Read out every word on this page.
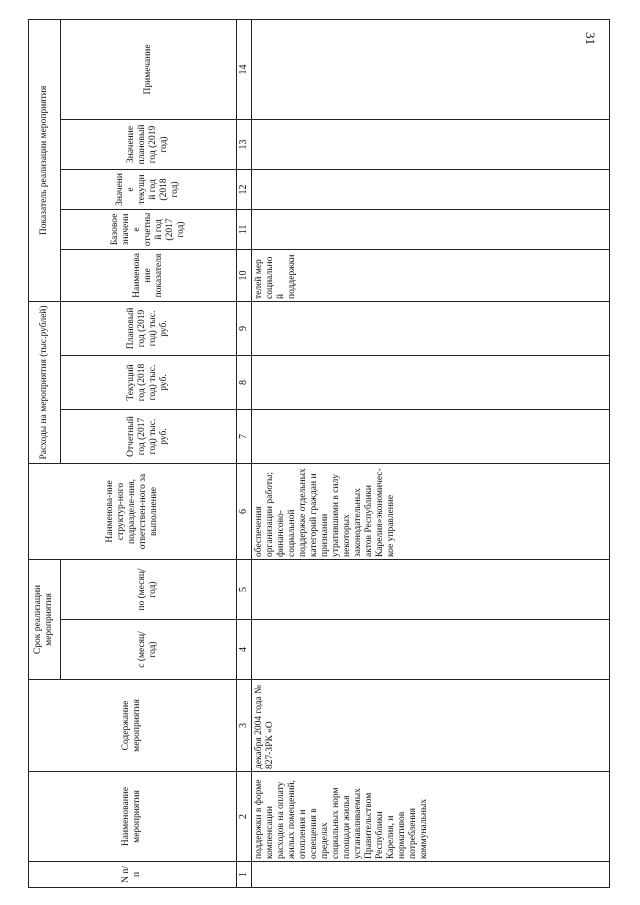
31
N п/п	Наименование мероприятия	Содержание мероприятия	Срок реализации мероприятия		Наименова-ние структур-ного подразделе-ния, ответствен-ного за выполнение	Расходы на мероприятия (тыс.рублей)			Показатель реализации мероприятия				
			с (месяц/ год)	по (месяц/ год)		Отчетный год (2017 год) тыс. руб.	Текущий год (2018 год) тыс. руб.	Плановый год (2019 год) тыс. руб.	Наименование показателя	Базовое значение отчетный год (2017 год)	Значение текущий год (2018 год)	Значение плановый год (2019 год)	Примечание
1	2	3	4	5	6	7	8	9	10	11	12	13	14
	поддержки в форме компенсации расходов на оплату жилых помещений, отопления и освещения в пределах социальных норм площади жилья устанавливаемых Правительством Республики Карелия, и нормативов потребления коммунальных	декабря 2004 года № 827-ЗРК «О			обеспечения организации работы; финансово-социальной поддержке отдельных категорий граждан и признании утратившими в силу некоторых законодательных актов Республики Карелия»экономичес-кое управление				телей мер социальной поддержки				
